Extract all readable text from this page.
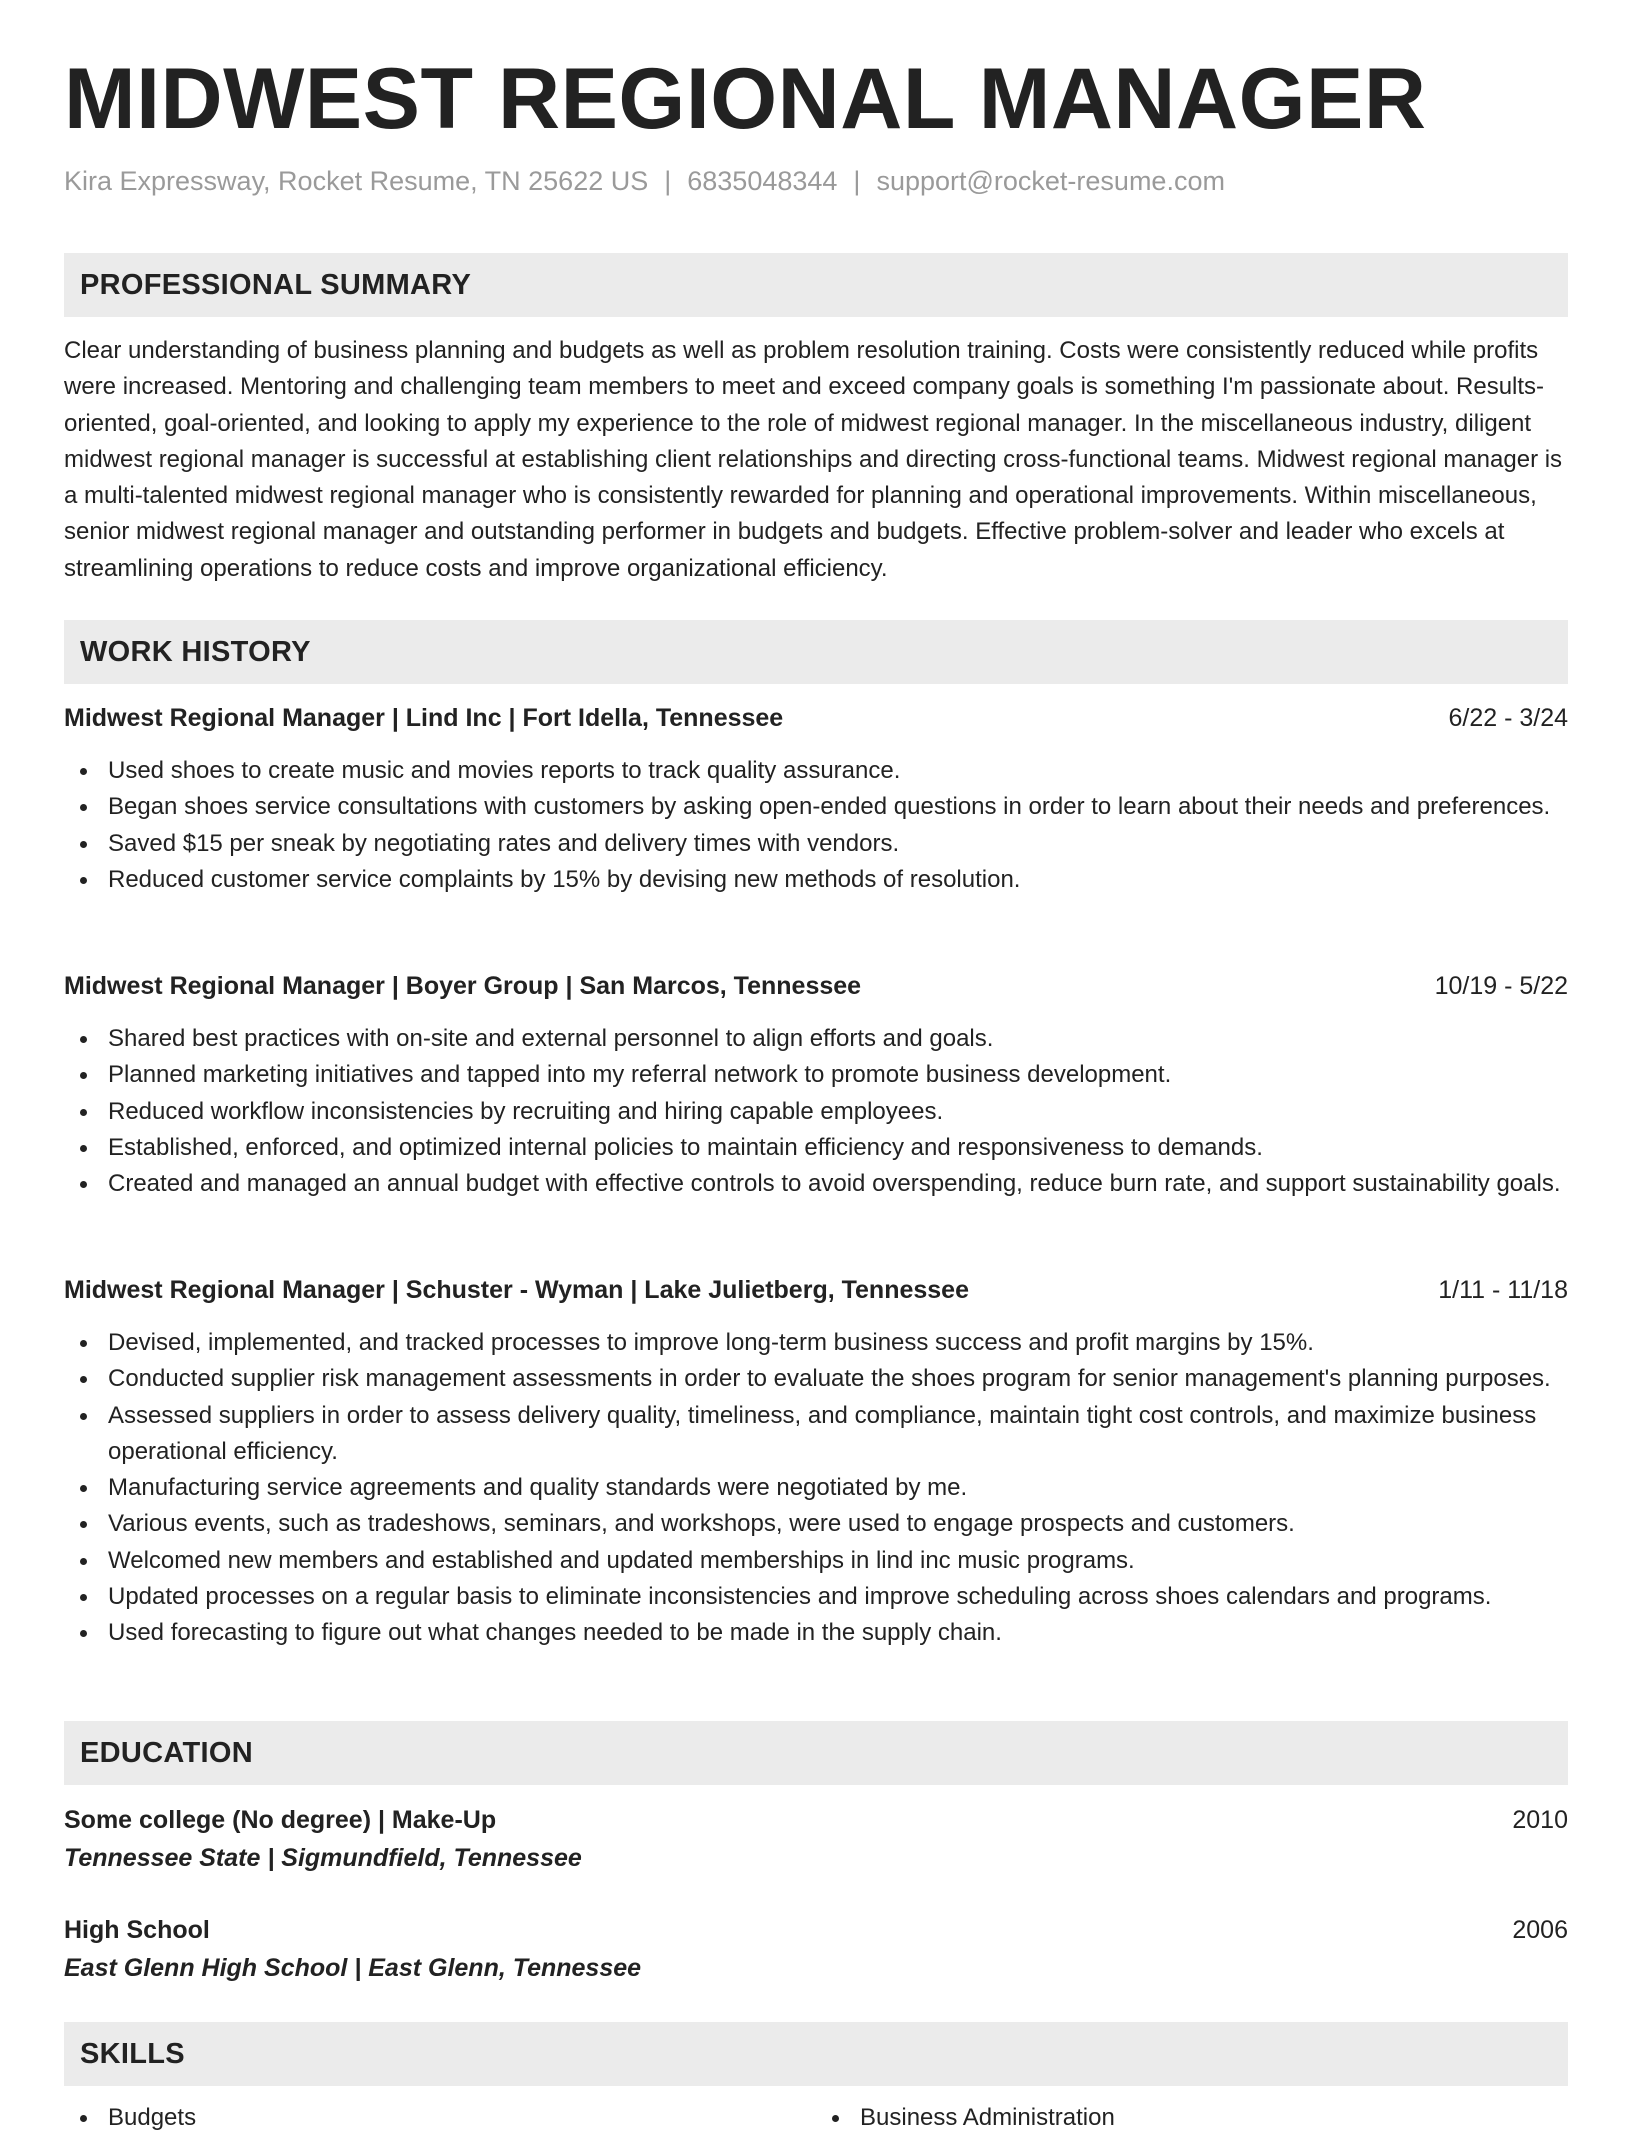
MIDWEST REGIONAL MANAGER
Kira Expressway, Rocket Resume, TN 25622 US | 6835048344 | support@rocket-resume.com
PROFESSIONAL SUMMARY

Clear understanding of business planning and budgets as well as problem resolution training. Costs were consistently reduced while profits were increased. Mentoring and challenging team members to meet and exceed company goals is something I'm passionate about. Results-oriented, goal-oriented, and looking to apply my experience to the role of midwest regional manager. In the miscellaneous industry, diligent midwest regional manager is successful at establishing client relationships and directing cross-functional teams. Midwest regional manager is a multi-talented midwest regional manager who is consistently rewarded for planning and operational improvements. Within miscellaneous, senior midwest regional manager and outstanding performer in budgets and budgets. Effective problem-solver and leader who excels at streamlining operations to reduce costs and improve organizational efficiency.

WORK HISTORY
Midwest Regional Manager | Lind Inc | Fort Idella, Tennessee	6/22 - 3/24
Used shoes to create music and movies reports to track quality assurance.
Began shoes service consultations with customers by asking open-ended questions in order to learn about their needs and preferences.
Saved $15 per sneak by negotiating rates and delivery times with vendors.
Reduced customer service complaints by 15% by devising new methods of resolution.
Midwest Regional Manager | Boyer Group | San Marcos, Tennessee	10/19 - 5/22
Shared best practices with on-site and external personnel to align efforts and goals.
Planned marketing initiatives and tapped into my referral network to promote business development.
Reduced workflow inconsistencies by recruiting and hiring capable employees.
Established, enforced, and optimized internal policies to maintain efficiency and responsiveness to demands.
Created and managed an annual budget with effective controls to avoid overspending, reduce burn rate, and support sustainability goals.
Midwest Regional Manager | Schuster - Wyman | Lake Julietberg, Tennessee	1/11 - 11/18
Devised, implemented, and tracked processes to improve long-term business success and profit margins by 15%.
Conducted supplier risk management assessments in order to evaluate the shoes program for senior management's planning purposes.
Assessed suppliers in order to assess delivery quality, timeliness, and compliance, maintain tight cost controls, and maximize business operational efficiency.
Manufacturing service agreements and quality standards were negotiated by me.
Various events, such as tradeshows, seminars, and workshops, were used to engage prospects and customers.
Welcomed new members and established and updated memberships in lind inc music programs.
Updated processes on a regular basis to eliminate inconsistencies and improve scheduling across shoes calendars and programs.
Used forecasting to figure out what changes needed to be made in the supply chain.
EDUCATION
Some college (No degree) | Make-Up	2010
Tennessee State | Sigmundfield, Tennessee
High School	2006
East Glenn High School | East Glenn, Tennessee
SKILLS
Budgets	Business Administration
